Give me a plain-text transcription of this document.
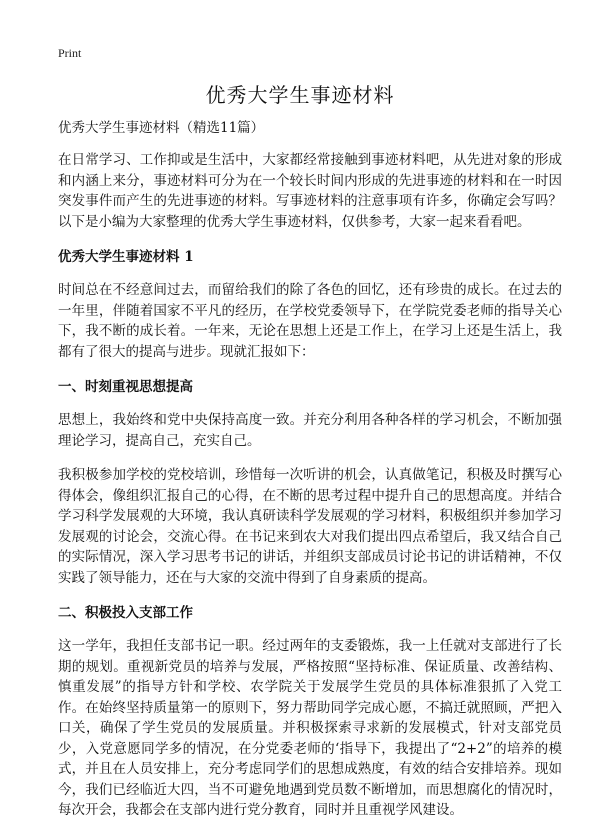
Print
优秀大学生事迹材料
优秀大学生事迹材料（精选11篇）

在日常学习、工作抑或是生活中，大家都经常接触到事迹材料吧，从先进对象的形成和内涵上来分，事迹材料可分为在一个较长时间内形成的先进事迹的材料和在一时因突发事件而产生的先进事迹的材料。写事迹材料的注意事项有许多，你确定会写吗？以下是小编为大家整理的优秀大学生事迹材料，仅供参考，大家一起来看看吧。

优秀大学生事迹材料 1

时间总在不经意间过去，而留给我们的除了各色的回忆，还有珍贵的成长。在过去的一年里，伴随着国家不平凡的经历，在学校党委领导下，在学院党委老师的指导关心下，我不断的成长着。一年来，无论在思想上还是工作上，在学习上还是生活上，我都有了很大的提高与进步。现就汇报如下：

一、时刻重视思想提高

思想上，我始终和党中央保持高度一致。并充分利用各种各样的学习机会，不断加强理论学习，提高自己，充实自己。

我积极参加学校的党校培训，珍惜每一次听讲的机会，认真做笔记，积极及时撰写心得体会，像组织汇报自己的心得，在不断的思考过程中提升自己的思想高度。并结合学习科学发展观的大环境，我认真研读科学发展观的学习材料，积极组织并参加学习发展观的讨论会，交流心得。在书记来到农大对我们提出四点希望后，我又结合自己的实际情况，深入学习思考书记的讲话，并组织支部成员讨论书记的讲话精神，不仅实践了领导能力，还在与大家的交流中得到了自身素质的提高。

二、积极投入支部工作

这一学年，我担任支部书记一职。经过两年的支委锻炼，我一上任就对支部进行了长期的规划。重视新党员的培养与发展，严格按照“坚持标准、保证质量、改善结构、慎重发展”的指导方针和学校、农学院关于发展学生党员的具体标准狠抓了入党工作。在始终坚持质量第一的原则下，努力帮助同学完成心愿，不搞迁就照顾，严把入口关，确保了学生党员的发展质量。并积极探索寻求新的发展模式，针对支部党员少，入党意愿同学多的情况，在分党委老师的‘指导下，我提出了“2+2”的培养的模式，并且在人员安排上，充分考虑同学们的思想成熟度，有效的结合安排培养。现如今，我们已经临近大四，当不可避免地遇到党员数不断增加，而思想腐化的情况时，每次开会，我都会在支部内进行党分教育，同时并且重视学风建设。
